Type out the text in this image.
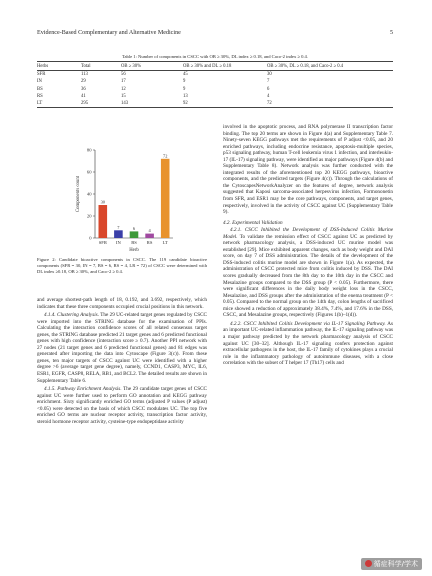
Evidence-Based Complementary and Alternative Medicine	5
Table 1: Number of components in CSCC with OB ≥ 30%, DL index ≥ 0.18, and Caco-2 index ≥ 0.4.
Herbs	Total	OB ≥ 30%	OB ≥ 30% and DL ≥ 0.18	OB ≥ 30%, DL ≥ 0.18, and Caco-2 ≥ 0.4	
SFR	113	56	45	30	
IN	29	17	9	7	
BS	36	12	9	6	
RS	41	15	13	4	
LT	295	143	92	72	
0
20
40
60
80
Components count	30
SFR
7
IN
6
BS
4
RS
72
LT
Herb
Figure 2: Candidate bioactive components in CSCC. The 119 candidate bioactive components (SFR = 30, IN = 7, BS = 6, RS = 4, LR = 72) of CSCC were determined with DL index ≥0.18, OB ≥ 30%, and Caco-2 ≥ 0.4.

and average shortest-path length of 18, 0.192, and 3.692, respectively, which indicates that these three components occupied crucial positions in this network.

4.1.4. Clustering Analysis. The 29 UC-related target genes regulated by CSCC were imported into the STRING database for the examination of PPIs. Calculating the interaction confidence scores of all related consensus target genes, the STRING database predicted 21 target genes and 6 predicted functional genes with high confidence (interaction score ≥ 0.7). Another PPI network with 27 nodes (21 target genes and 6 predicted functional genes) and 81 edges was generated after importing the data into Cytoscape (Figure 3(c)). From these genes, ten major targets of CSCC against UC were identified with a higher degree >6 (average target gene degree), namely, CCND1, CASP3, MYC, IL6, ESR1, EGFR, CASP8, RELA, RB1, and BCL2. The detailed results are shown in Supplementary Table 6.

4.1.5. Pathway Enrichment Analysis. The 29 candidate target genes of CSCC against UC were further used to perform GO annotation and KEGG pathway enrichment. Sixty significantly enriched GO terms (adjusted P values (P adjust) <0.05) were detected on the basis of which CSCC modulates UC. The top five enriched GO terms are nuclear receptor activity, transcription factor activity, steroid hormone receptor activity, cysteine-type endopeptidase activity

involved in the apoptotic process, and RNA polymerase II transcription factor binding. The top 20 terms are shown in Figure 4(a) and Supplementary Table 7. Ninety-seven KEGG pathways met the requirements of P adjust <0.05, and 20 enriched pathways, including endocrine resistance, apoptosis-multiple species, p53 signaling pathway, human T-cell leukemia virus 1 infection, and interleukin-17 (IL-17) signaling pathway, were identified as major pathways (Figure 4(b) and Supplementary Table 8). Network analysis was further conducted with the integrated results of the aforementioned top 20 KEGG pathways, bioactive components, and the predicted targets (Figure 4(c)). Through the calculations of the CytoscapesNetworkAnalyzer on the features of degree, network analysis suggested that Kaposi sarcoma-associated herpesvirus infection, Formononetin from SFR, and ESR1 may be the core pathways, components, and target genes, respectively, involved in the activity of CSCC against UC (Supplementary Table 9).

4.2. Experimental Validation

4.2.1. CSCC Inhibited the Development of DSS-Induced Colitis Murine Model. To validate the remission effect of CSCC against UC as predicted by network pharmacology analysis, a DSS-induced UC murine model was established [29]. Mice exhibited apparent changes, such as body weight and DAI score, on day 7 of DSS administration. The details of the development of the DSS-induced colitis murine model are shown in Figure 1(a). As expected, the administration of CSCC protected mice from colitis induced by DSS. The DAI scores gradually decreased from the 8th day to the 10th day in the CSCC and Mesalazine groups compared to the DSS group (P < 0.05). Furthermore, there were significant differences in the daily body weight loss in the CSCC, Mesalazine, and DSS groups after the administration of the enema treatment (P < 0.05). Compared to the normal group on the 14th day, colon lengths of sacrificed mice showed a reduction of approximately 38.4%, 7.4%, and 17.6% in the DSS, CSCC, and Mesalazine groups, respectively (Figures 1(b)–1(d)).

4.2.2. CSCC Inhibited Colitis Development via IL-17 Signaling Pathway. As an important UC-related inflammation pathway, the IL-17 signaling pathway was a major pathway predicted by the network pharmacology analysis of CSCC against UC [30–32]. Although IL-17 signaling confers protection against extracellular pathogens in the host, the IL-17 family of cytokines plays a crucial role in the inflammatory pathology of autoimmune diseases, with a close correlation with the subset of T helper 17 (Th17) cells and

循症科学/学术
